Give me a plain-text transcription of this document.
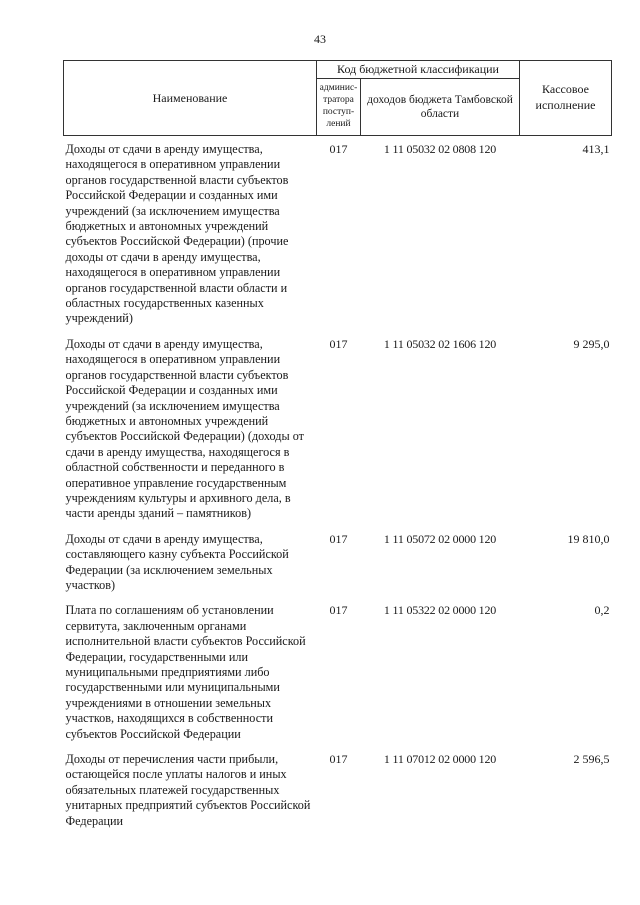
43
Наименование	Код бюджетной классификации		Кассовое исполнение
	админис-тратора поступ-лений	доходов бюджета Тамбовской области	
Доходы от сдачи в аренду имущества, находящегося в оперативном управлении органов государственной власти субъектов Российской Федерации и созданных ими учреждений (за исключением имущества бюджетных и автономных учреждений субъектов Российской Федерации) (прочие доходы от сдачи в аренду имущества, находящегося в оперативном управлении органов государственной власти области и областных государственных казенных учреждений)	017	1 11 05032 02 0808 120	413,1
Доходы от сдачи в аренду имущества, находящегося в оперативном управлении органов государственной власти субъектов Российской Федерации и созданных ими учреждений (за исключением имущества бюджетных и автономных учреждений субъектов Российской Федерации) (доходы от сдачи в аренду имущества, находящегося в областной собственности и переданного в оперативное управление государственным учреждениям культуры и архивного дела, в части аренды зданий – памятников)	017	1 11 05032 02 1606 120	9 295,0
Доходы от сдачи в аренду имущества, составляющего казну субъекта Российской Федерации (за исключением земельных участков)	017	1 11 05072 02 0000 120	19 810,0
Плата по соглашениям об установлении сервитута, заключенным органами исполнительной власти субъектов Российской Федерации, государственными или муниципальными предприятиями либо государственными или муниципальными учреждениями в отношении земельных участков, находящихся в собственности субъектов Российской Федерации	017	1 11 05322 02 0000 120	0,2
Доходы от перечисления части прибыли, остающейся после уплаты налогов и иных обязательных платежей государственных унитарных предприятий субъектов Российской Федерации	017	1 11 07012 02 0000 120	2 596,5
